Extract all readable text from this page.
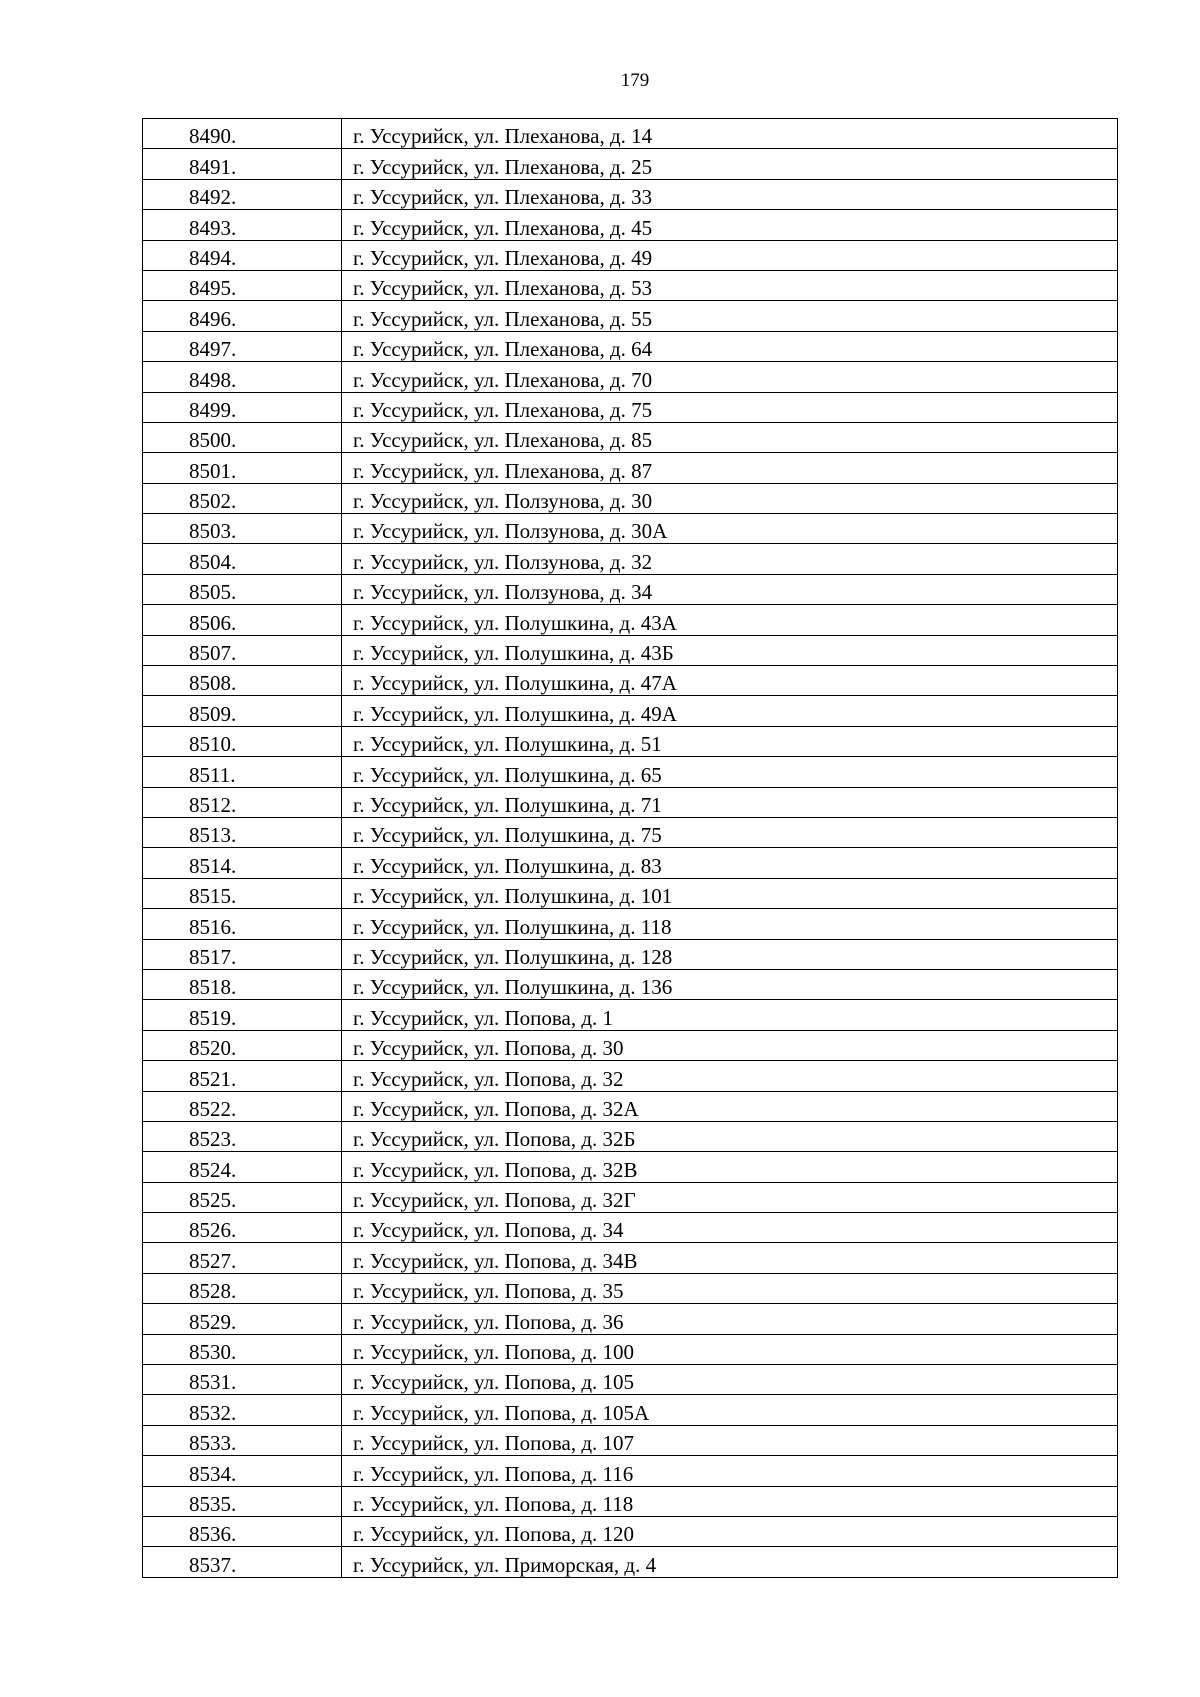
179
8490.	г. Уссурийск, ул. Плеханова, д. 14
8491.	г. Уссурийск, ул. Плеханова, д. 25
8492.	г. Уссурийск, ул. Плеханова, д. 33
8493.	г. Уссурийск, ул. Плеханова, д. 45
8494.	г. Уссурийск, ул. Плеханова, д. 49
8495.	г. Уссурийск, ул. Плеханова, д. 53
8496.	г. Уссурийск, ул. Плеханова, д. 55
8497.	г. Уссурийск, ул. Плеханова, д. 64
8498.	г. Уссурийск, ул. Плеханова, д. 70
8499.	г. Уссурийск, ул. Плеханова, д. 75
8500.	г. Уссурийск, ул. Плеханова, д. 85
8501.	г. Уссурийск, ул. Плеханова, д. 87
8502.	г. Уссурийск, ул. Ползунова, д. 30
8503.	г. Уссурийск, ул. Ползунова, д. 30А
8504.	г. Уссурийск, ул. Ползунова, д. 32
8505.	г. Уссурийск, ул. Ползунова, д. 34
8506.	г. Уссурийск, ул. Полушкина, д. 43А
8507.	г. Уссурийск, ул. Полушкина, д. 43Б
8508.	г. Уссурийск, ул. Полушкина, д. 47А
8509.	г. Уссурийск, ул. Полушкина, д. 49А
8510.	г. Уссурийск, ул. Полушкина, д. 51
8511.	г. Уссурийск, ул. Полушкина, д. 65
8512.	г. Уссурийск, ул. Полушкина, д. 71
8513.	г. Уссурийск, ул. Полушкина, д. 75
8514.	г. Уссурийск, ул. Полушкина, д. 83
8515.	г. Уссурийск, ул. Полушкина, д. 101
8516.	г. Уссурийск, ул. Полушкина, д. 118
8517.	г. Уссурийск, ул. Полушкина, д. 128
8518.	г. Уссурийск, ул. Полушкина, д. 136
8519.	г. Уссурийск, ул. Попова, д. 1
8520.	г. Уссурийск, ул. Попова, д. 30
8521.	г. Уссурийск, ул. Попова, д. 32
8522.	г. Уссурийск, ул. Попова, д. 32А
8523.	г. Уссурийск, ул. Попова, д. 32Б
8524.	г. Уссурийск, ул. Попова, д. 32В
8525.	г. Уссурийск, ул. Попова, д. 32Г
8526.	г. Уссурийск, ул. Попова, д. 34
8527.	г. Уссурийск, ул. Попова, д. 34В
8528.	г. Уссурийск, ул. Попова, д. 35
8529.	г. Уссурийск, ул. Попова, д. 36
8530.	г. Уссурийск, ул. Попова, д. 100
8531.	г. Уссурийск, ул. Попова, д. 105
8532.	г. Уссурийск, ул. Попова, д. 105А
8533.	г. Уссурийск, ул. Попова, д. 107
8534.	г. Уссурийск, ул. Попова, д. 116
8535.	г. Уссурийск, ул. Попова, д. 118
8536.	г. Уссурийск, ул. Попова, д. 120
8537.	г. Уссурийск, ул. Приморская, д. 4
